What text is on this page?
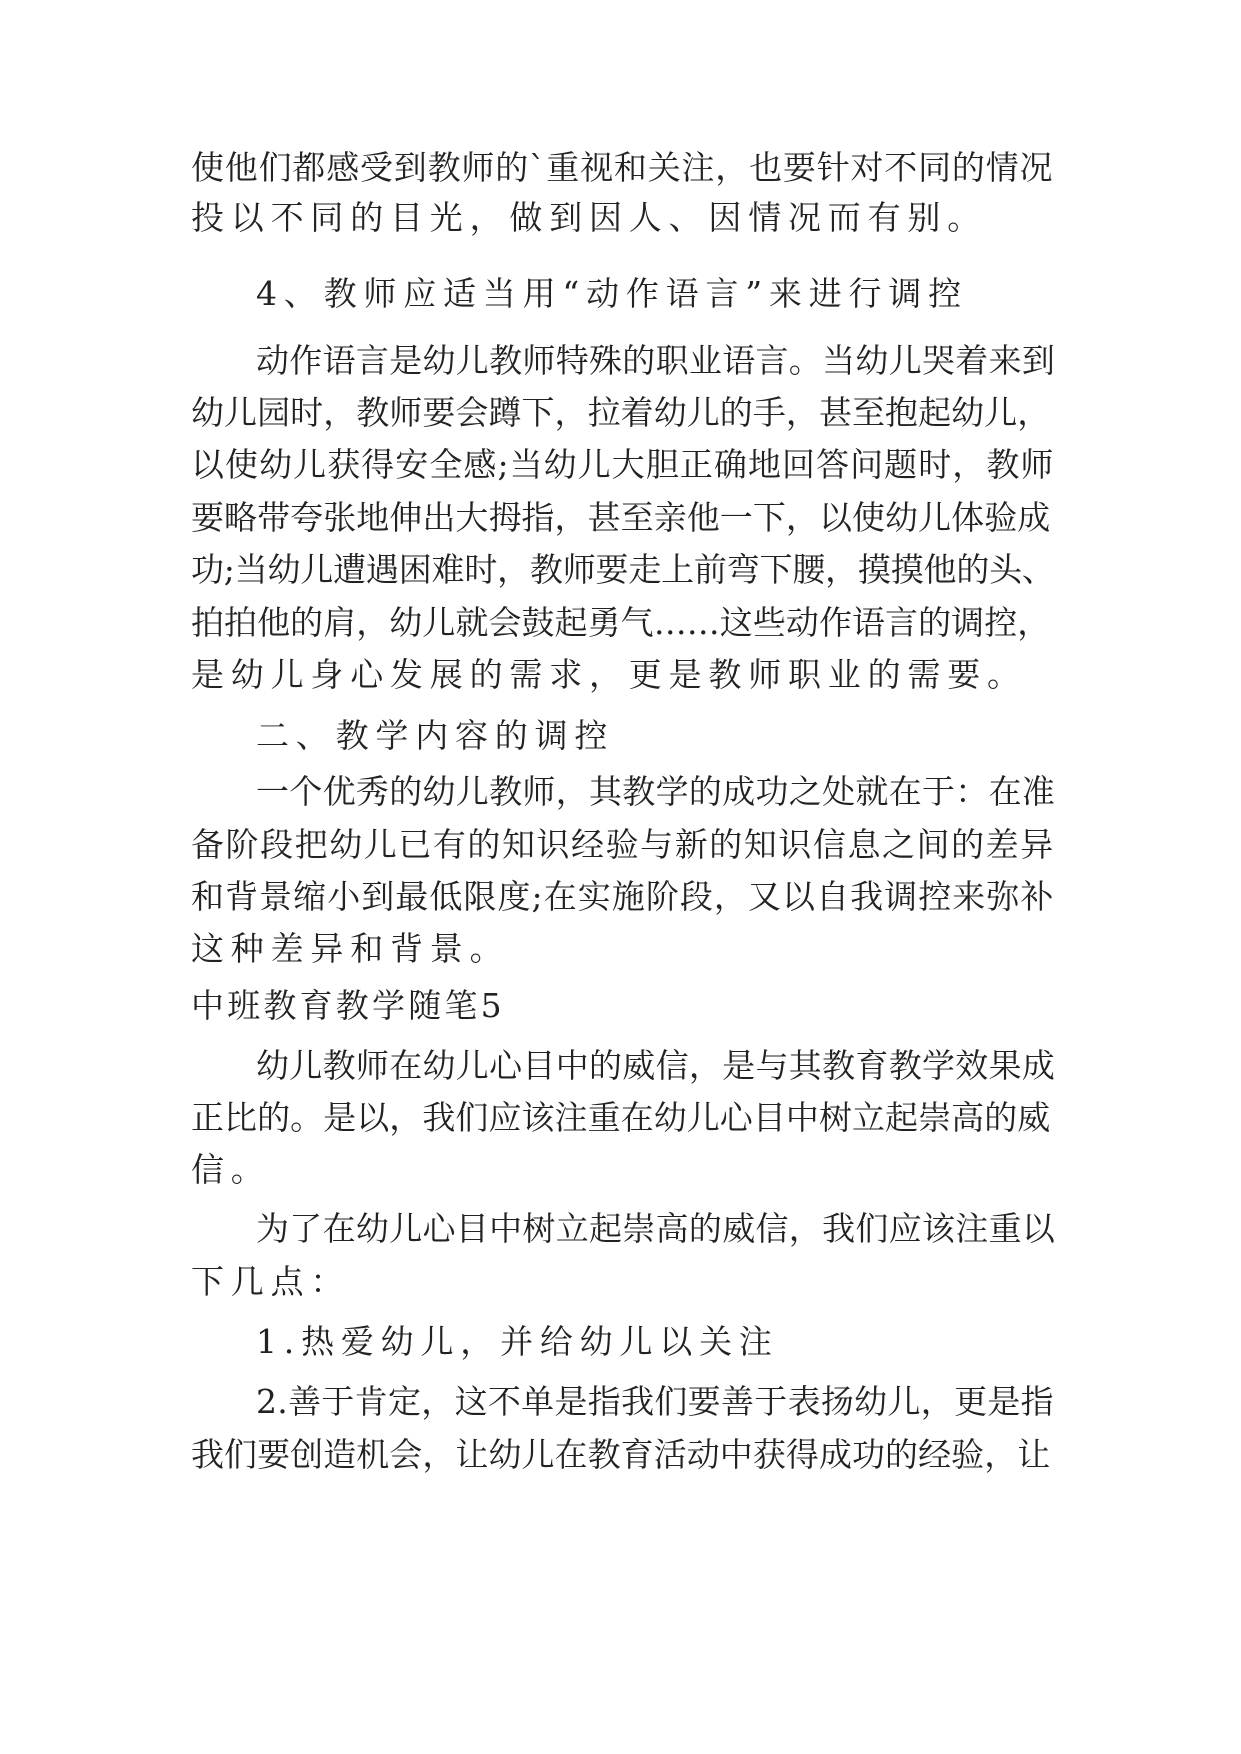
使他们都感受到教师的`重视和关注，也要针对不同的情况
投以不同的目光，做到因人、因情况而有别。
4、教师应适当用“动作语言”来进行调控
动作语言是幼儿教师特殊的职业语言。当幼儿哭着来到
幼儿园时，教师要会蹲下，拉着幼儿的手，甚至抱起幼儿，
以使幼儿获得安全感;当幼儿大胆正确地回答问题时，教师
要略带夸张地伸出大拇指，甚至亲他一下，以使幼儿体验成
功;当幼儿遭遇困难时，教师要走上前弯下腰，摸摸他的头、
拍拍他的肩，幼儿就会鼓起勇气……这些动作语言的调控，
是幼儿身心发展的需求，更是教师职业的需要。
二、教学内容的调控
一个优秀的幼儿教师，其教学的成功之处就在于：在准
备阶段把幼儿已有的知识经验与新的知识信息之间的差异
和背景缩小到最低限度;在实施阶段，又以自我调控来弥补
这种差异和背景。
中班教育教学随笔5
幼儿教师在幼儿心目中的威信，是与其教育教学效果成
正比的。是以，我们应该注重在幼儿心目中树立起崇高的威
信。
为了在幼儿心目中树立起崇高的威信，我们应该注重以
下几点：
1.热爱幼儿，并给幼儿以关注
2.善于肯定，这不单是指我们要善于表扬幼儿，更是指
我们要创造机会，让幼儿在教育活动中获得成功的经验，让
